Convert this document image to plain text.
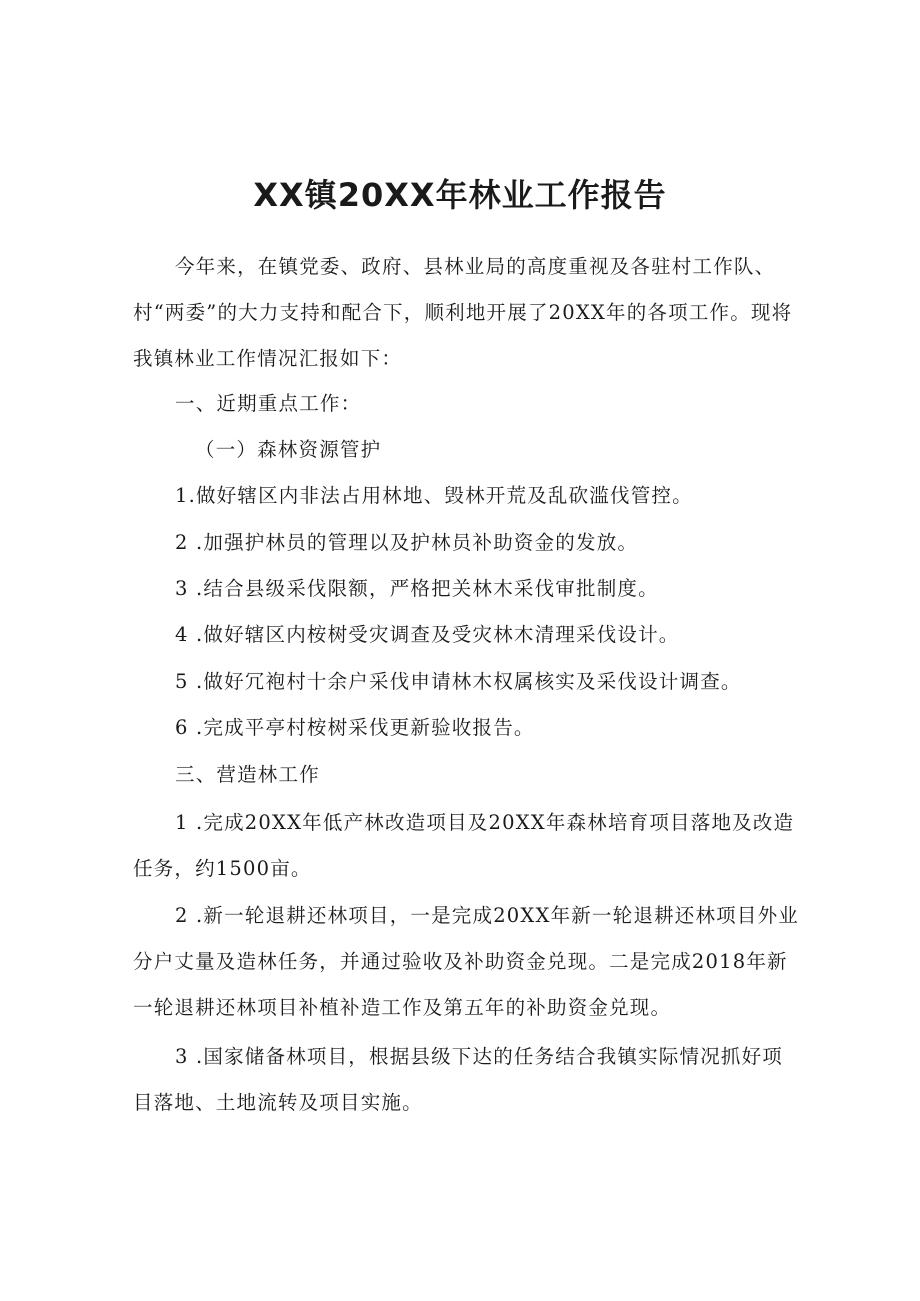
XX镇20XX年林业工作报告

今年来，在镇党委、政府、县林业局的高度重视及各驻村工作队、村“两委”的大力支持和配合下，顺利地开展了20XX年的各项工作。现将我镇林业工作情况汇报如下：

一、近期重点工作：

（一）森林资源管护

1.做好辖区内非法占用林地、毁林开荒及乱砍滥伐管控。

2 .加强护林员的管理以及护林员补助资金的发放。

3 .结合县级采伐限额，严格把关林木采伐审批制度。

4 .做好辖区内桉树受灾调查及受灾林木清理采伐设计。

5 .做好冗袍村十余户采伐申请林木权属核实及采伐设计调查。

6 .完成平亭村桉树采伐更新验收报告。

三、营造林工作

1 .完成20XX年低产林改造项目及20XX年森林培育项目落地及改造任务，约1500亩。

2 .新一轮退耕还林项目，一是完成20XX年新一轮退耕还林项目外业分户丈量及造林任务，并通过验收及补助资金兑现。二是完成2018年新一轮退耕还林项目补植补造工作及第五年的补助资金兑现。

3 .国家储备林项目，根据县级下达的任务结合我镇实际情况抓好项目落地、土地流转及项目实施。
